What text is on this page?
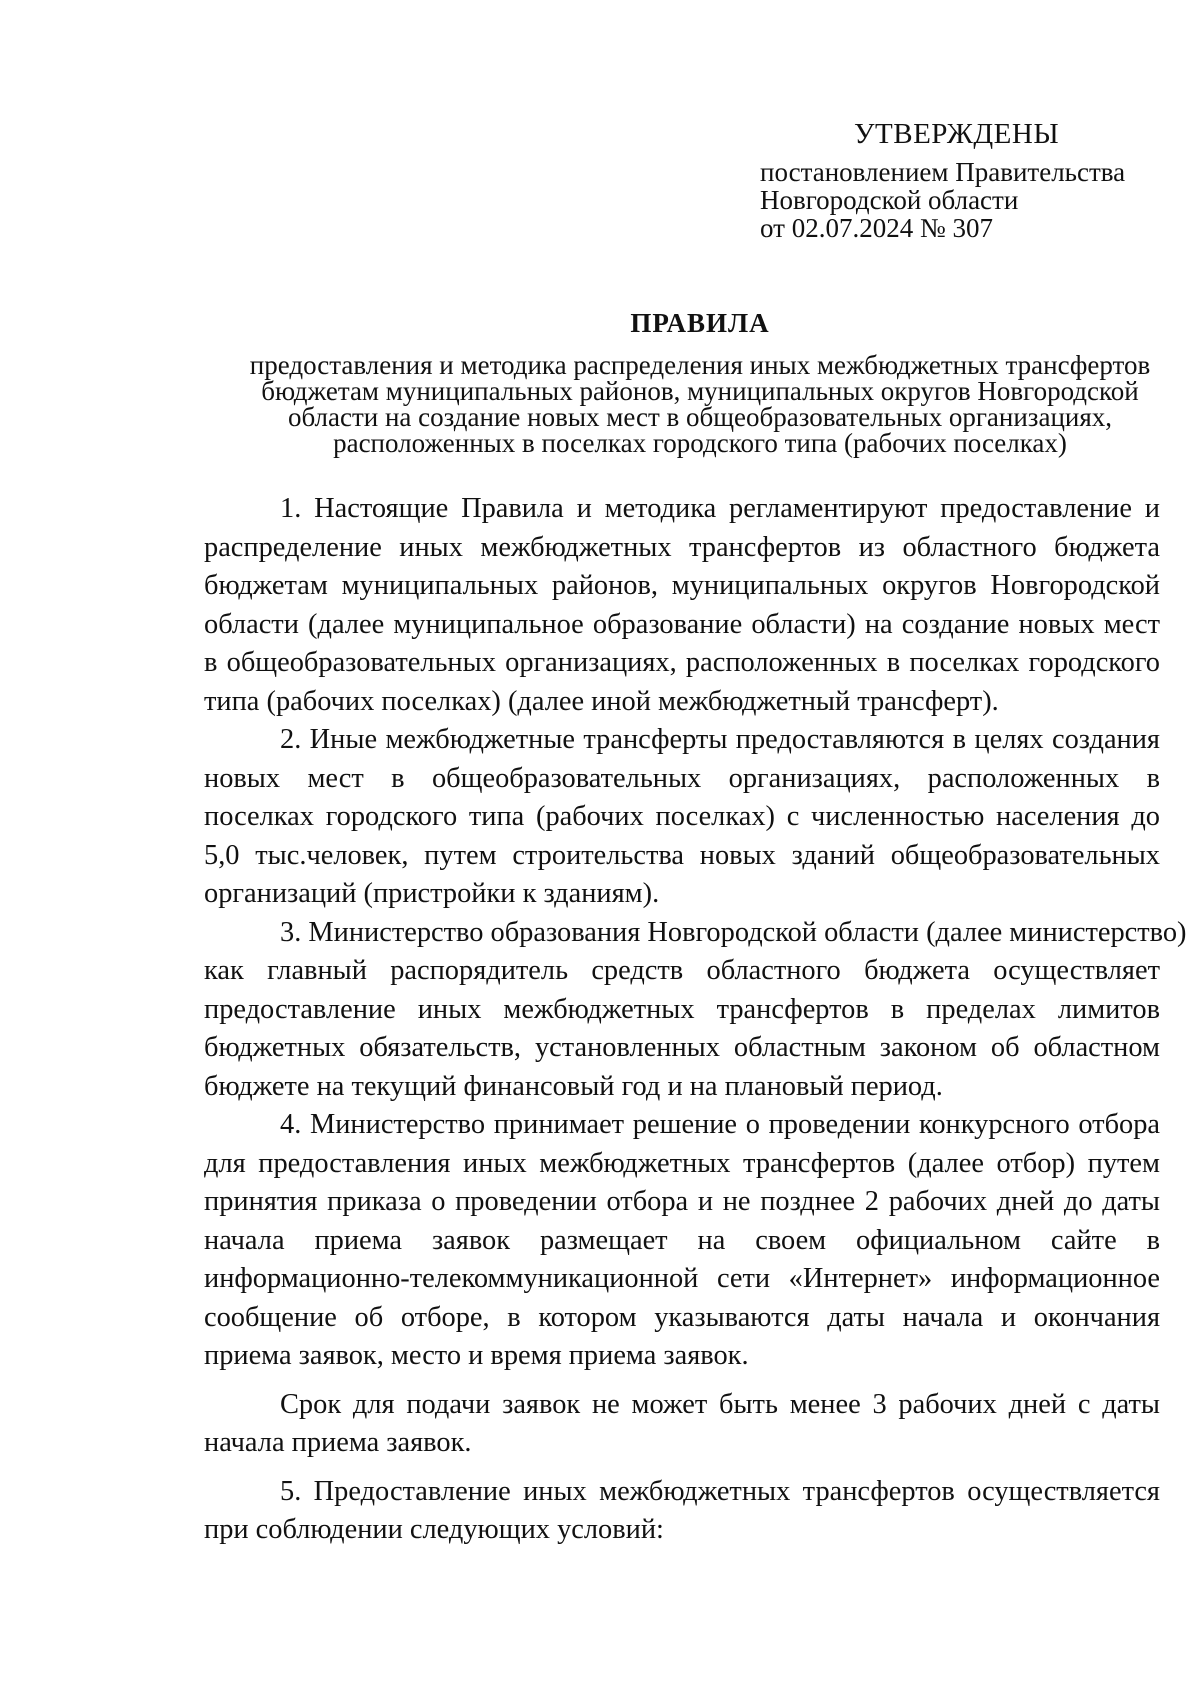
УТВЕРЖДЕНЫ
постановлением Правительства
Новгородской области
от 02.07.2024 № 307
ПРАВИЛА
предоставления и методика распределения иных межбюджетных трансфертов
бюджетам муниципальных районов, муниципальных округов Новгородской
области на создание новых мест в общеобразовательных организациях,
расположенных в поселках городского типа (рабочих поселках)
1. Настоящие Правила и методика регламентируют предоставление и
распределение иных межбюджетных трансфертов из областного бюджета
бюджетам муниципальных районов, муниципальных округов Новгородской
области (далее муниципальное образование области) на создание новых мест
в общеобразовательных организациях, расположенных в поселках городского
типа (рабочих поселках) (далее иной межбюджетный трансферт).
2. Иные межбюджетные трансферты предоставляются в целях создания
новых мест в общеобразовательных организациях, расположенных в
поселках городского типа (рабочих поселках) с численностью населения до
5,0 тыс.человек, путем строительства новых зданий общеобразовательных
организаций (пристройки к зданиям).
3. Министерство образования Новгородской области (далее министерство)
как главный распорядитель средств областного бюджета осуществляет
предоставление иных межбюджетных трансфертов в пределах лимитов
бюджетных обязательств, установленных областным законом об областном
бюджете на текущий финансовый год и на плановый период.
4. Министерство принимает решение о проведении конкурсного отбора
для предоставления иных межбюджетных трансфертов (далее отбор) путем
принятия приказа о проведении отбора и не позднее 2 рабочих дней до даты
начала приема заявок размещает на своем официальном сайте в
информационно-телекоммуникационной сети «Интернет» информационное
сообщение об отборе, в котором указываются даты начала и окончания
приема заявок, место и время приема заявок.
Срок для подачи заявок не может быть менее 3 рабочих дней с даты
начала приема заявок.
5. Предоставление иных межбюджетных трансфертов осуществляется
при соблюдении следующих условий:
